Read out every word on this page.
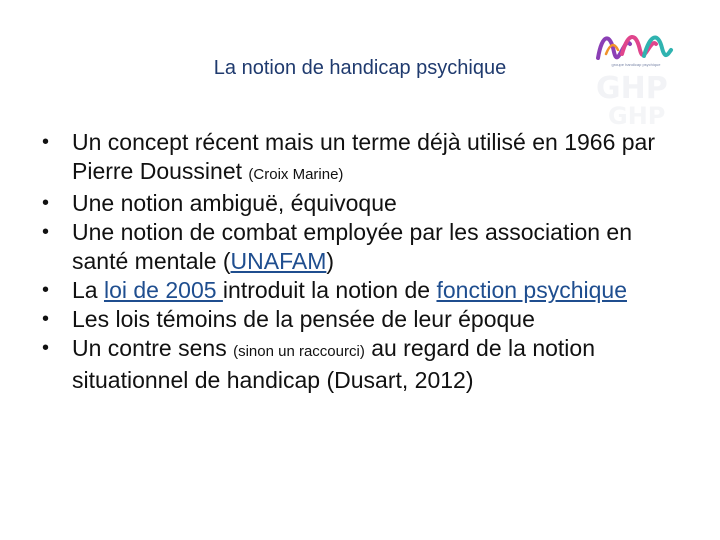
GHP
GHP
groupe handicap psychique
La notion de handicap psychique
• Un concept récent mais un terme déjà utilisé en 1966 par Pierre Doussinet (Croix Marine)
• Une notion ambiguë, équivoque
• Une notion de combat employée par les association en santé mentale (UNAFAM)
• La loi de 2005 introduit la notion de fonction psychique
• Les lois témoins de la pensée de leur époque
• Un contre sens (sinon un raccourci) au regard de la notion situationnel de handicap (Dusart, 2012)
